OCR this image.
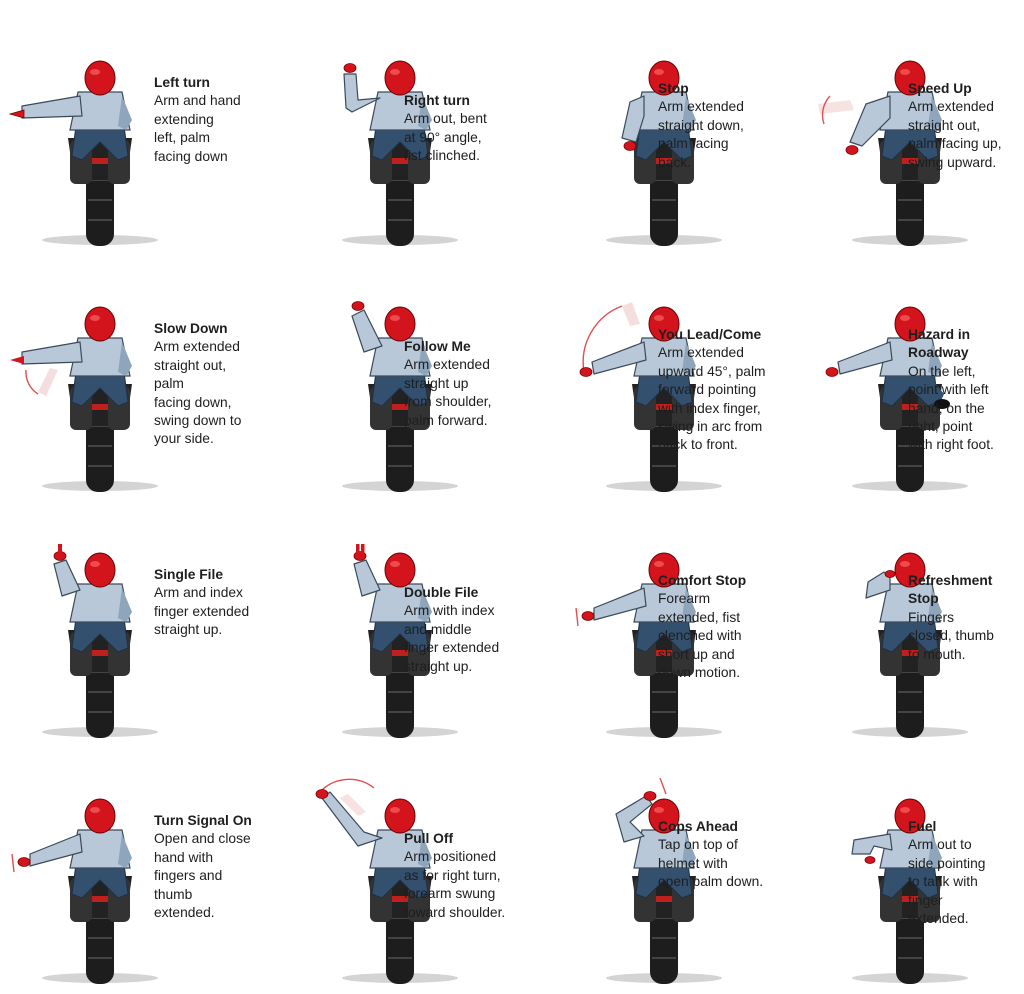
Left turn
Arm and hand
extending
left, palm
facing down
Right turn
Arm out, bent
at 90° angle,
fist clinched.
Stop
Arm extended
straight down,
palm facing
back.
Speed Up
Arm extended
straight out,
palm facing up,
swing upward.
Slow Down
Arm extended
straight out, palm
facing down,
swing down to
your side.
Follow Me
Arm extended
straight up
from shoulder,
palm forward.
You Lead/Come
Arm extended
upward 45°, palm
forward pointing
with index finger,
swing in arc from
back to front.
Hazard in
Roadway
On the left,
point with left
hand; on the
right, point
with right foot.
Single File
Arm and index
finger extended
straight up.
Double File
Arm with index
and middle
finger extended
straight up.
Comfort Stop
Forearm
extended, fist
clenched with
short up and
down motion.
Refreshment
Stop
Fingers
closed, thumb
to mouth.
Turn Signal On
Open and close
hand with
fingers and
thumb extended.
Pull Off
Arm positioned
as for right turn,
forearm swung
toward shoulder.
Cops Ahead
Tap on top of
helmet with
open palm down.
Fuel
Arm out to
side pointing
to tank with
finger
extended.
